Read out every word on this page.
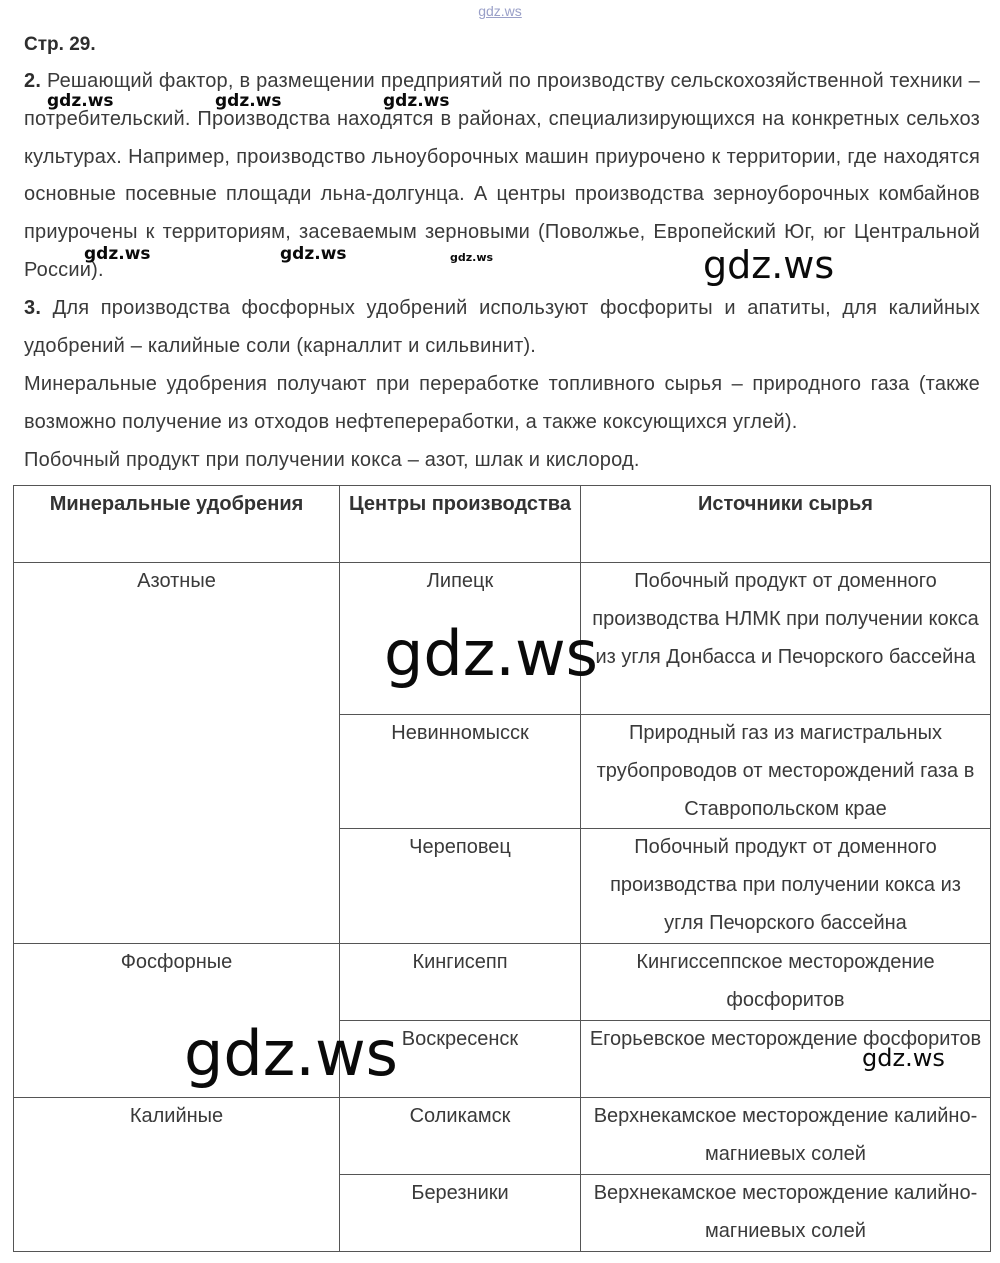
gdz.ws
Стр. 29.
2. Решающий фактор, в размещении предприятий по производству сельскохозяйственной техники – потребительский. Производства находятся в районах, специализирующихся на конкретных сельхоз культурах. Например, производство льноуборочных машин приурочено к территории, где находятся основные посевные площади льна-долгунца. А центры производства зерноуборочных комбайнов приурочены к территориям, засеваемым зерновыми (Поволжье, Европейский Юг, юг Центральной России).
3. Для производства фосфорных удобрений используют фосфориты и апатиты, для калийных удобрений – калийные соли (карналлит и сильвинит).
Минеральные удобрения получают при переработке топливного сырья – природного газа (также возможно получение из отходов нефтепереработки, а также коксующихся углей).
Побочный продукт при получении кокса – азот, шлак и кислород.
Минеральные удобрения	Центры производства	Источники сырья
Азотные	Липецк	Побочный продукт от доменного производства НЛМК при получении кокса из угля Донбасса и Печорского бассейна
	Невинномысск	Природный газ из магистральных трубопроводов от месторождений газа в Ставропольском крае
	Череповец	Побочный продукт от доменного производства при получении кокса из угля Печорского бассейна
Фосфорные	Кингисепп	Кингиссеппское месторождение фосфоритов
	Воскресенск	Егорьевское месторождение фосфоритов
Калийные	Соликамск	Верхнекамское месторождение калийно-магниевых солей
	Березники	Верхнекамское месторождение калийно-магниевых солей
gdz.ws	gdz.ws	gdz.ws
gdz.ws	gdz.ws	gdz.ws	gdz.ws
gdz.ws
gdz.ws	gdz.ws
